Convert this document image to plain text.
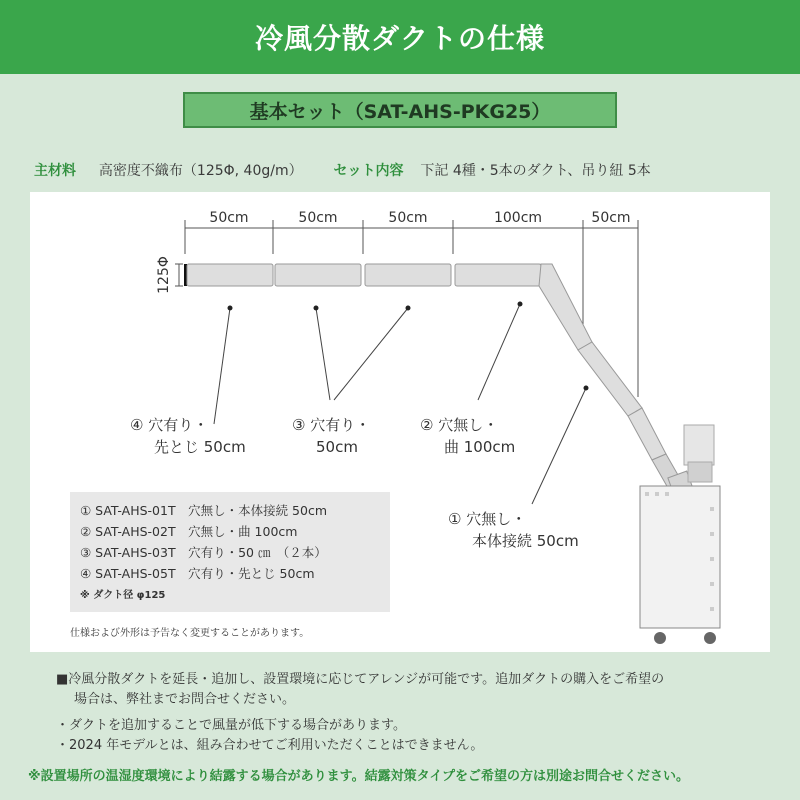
冷風分散ダクトの仕様
基本セット（SAT-AHS-PKG25）
主材料 高密度不織布（125Φ, 40g/m） セット内容 下記 4種・5本のダクト、吊り紐 5本
50cm	50cm	50cm	100cm	50cm
125Φ
④ 穴有り・
先とじ 50cm
③ 穴有り・
50cm
② 穴無し・
曲 100cm
① 穴無し・
本体接続 50cm
① SAT-AHS-01T　穴無し・本体接続 50cm
② SAT-AHS-02T　穴無し・曲 100cm
③ SAT-AHS-03T　穴有り・50 ㎝　（２本）
④ SAT-AHS-05T　穴有り・先とじ 50cm
※ ダクト径 φ125
仕様および外形は予告なく変更することがあります。

■冷風分散ダクトを延長・追加し、設置環境に応じてアレンジが可能です。追加ダクトの購入をご希望の

場合は、弊社までお問合せください。

・ダクトを追加することで風量が低下する場合があります。

・2024 年モデルとは、組み合わせてご利用いただくことはできません。

※設置場所の温湿度環境により結露する場合があります。結露対策タイプをご希望の方は別途お問合せください。
